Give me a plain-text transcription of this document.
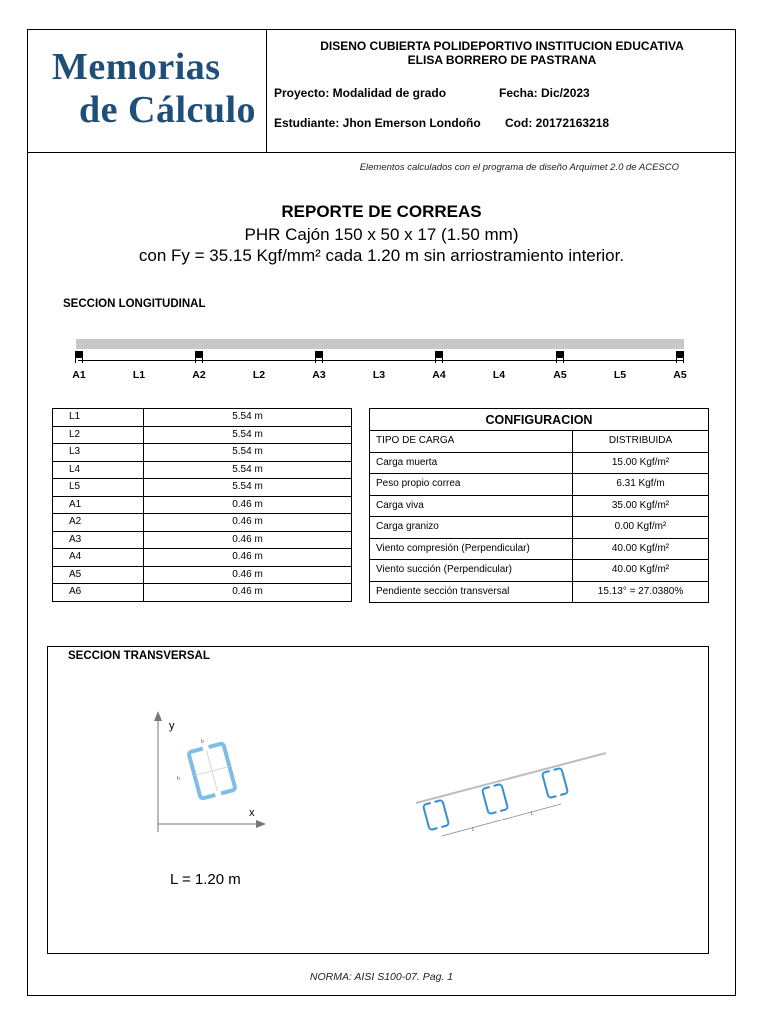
Memorias
de Cálculo
DISENO CUBIERTA POLIDEPORTIVO INSTITUCION EDUCATIVA
ELISA BORRERO DE PASTRANA
Proyecto: Modalidad de grado	Fecha: Dic/2023
Estudiante: Jhon Emerson Londoño Cod: 20172163218
Elementos calculados con el programa de diseño Arquimet 2.0 de ACESCO
REPORTE DE CORREAS
PHR Cajón 150 x 50 x 17 (1.50 mm)
con Fy = 35.15 Kgf/mm² cada 1.20 m sin arriostramiento interior.
SECCION LONGITUDINAL
A1	L1	A2	L2	A3	L3	A4	L4	A5	L5	A5
L1	5.54 m
L2	5.54 m
L3	5.54 m
L4	5.54 m
L5	5.54 m
A1	0.46 m
A2	0.46 m
A3	0.46 m
A4	0.46 m
A5	0.46 m
A6	0.46 m
CONFIGURACION	
TIPO DE CARGA	DISTRIBUIDA
Carga muerta	15.00 Kgf/m²
Peso propio correa	6.31 Kgf/m
Carga viva	35.00 Kgf/m²
Carga granizo	0.00 Kgf/m²
Viento compresión (Perpendicular)	40.00 Kgf/m²
Viento succión (Perpendicular)	40.00 Kgf/m²
Pendiente sección transversal	15.13° = 27.0380%
SECCION TRANSVERSAL
y
x
b
h
L
L
L = 1.20 m
NORMA: AISI S100-07. Pag. 1
